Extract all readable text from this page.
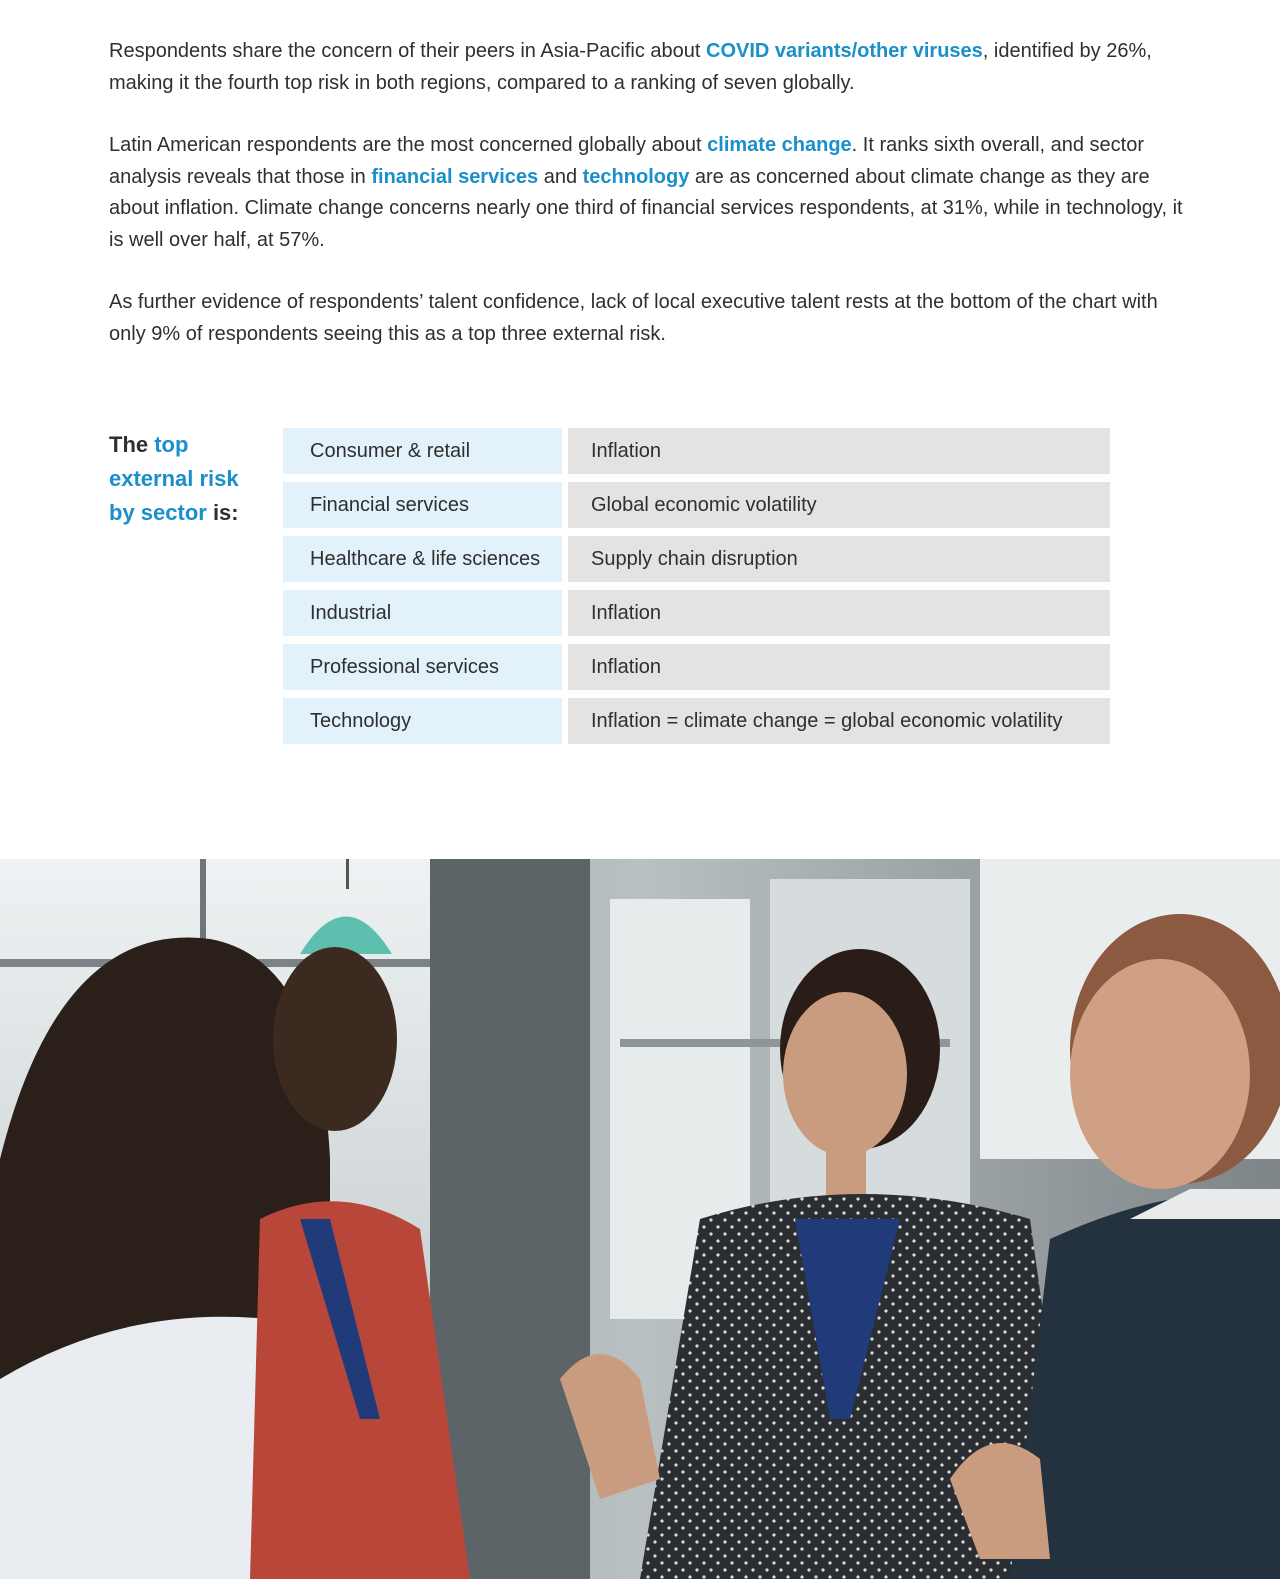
Respondents share the concern of their peers in Asia-Pacific about COVID variants/other viruses, identified by 26%, making it the fourth top risk in both regions, compared to a ranking of seven globally.

Latin American respondents are the most concerned globally about climate change. It ranks sixth overall, and sector analysis reveals that those in financial services and technology are as concerned about climate change as they are about inflation. Climate change concerns nearly one third of financial services respondents, at 31%, while in technology, it is well over half, at 57%.

As further evidence of respondents’ talent confidence, lack of local executive talent rests at the bottom of the chart with only 9% of respondents seeing this as a top three external risk.

The top external risk by sector is:
Consumer & retail	Inflation
Financial services	Global economic volatility
Healthcare & life sciences	Supply chain disruption
Industrial	Inflation
Professional services	Inflation
Technology	Inflation = climate change = global economic volatility
